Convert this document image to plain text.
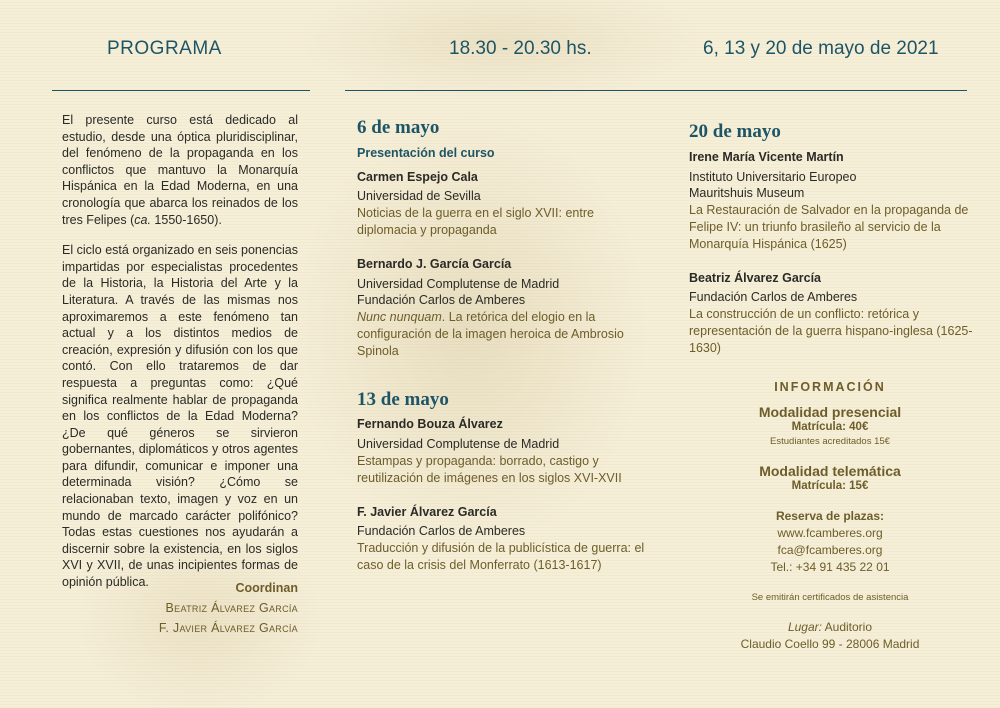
PROGRAMA	18.30 - 20.30 hs.	6, 13 y 20 de mayo de 2021

El presente curso está dedicado al estudio, desde una óptica pluridisciplinar, del fenómeno de la propaganda en los conflictos que mantuvo la Monarquía Hispánica en la Edad Moderna, en una cronología que abarca los reinados de los tres Felipes (ca. 1550-1650).

El ciclo está organizado en seis ponencias impartidas por especialistas procedentes de la Historia, la Historia del Arte y la Literatura. A través de las mismas nos aproximaremos a este fenómeno tan actual y a los distintos medios de creación, expresión y difusión con los que contó. Con ello trataremos de dar respuesta a preguntas como: ¿Qué significa realmente hablar de propaganda en los conflictos de la Edad Moderna? ¿De qué géneros se sirvieron gobernantes, diplomáticos y otros agentes para difundir, comunicar e imponer una determinada visión? ¿Cómo se relacionaban texto, imagen y voz en un mundo de marcado carácter polifónico? Todas estas cuestiones nos ayudarán a discernir sobre la existencia, en los siglos XVI y XVII, de unas incipientes formas de opinión pública.	Coordinan
Beatriz Álvarez García
F. Javier Álvarez García
6 de mayo
Presentación del curso
Carmen Espejo Cala
Universidad de Sevilla
Noticias de la guerra en el siglo XVII: entre diplomacia y propaganda
Bernardo J. García García
Universidad Complutense de Madrid
Fundación Carlos de Amberes
Nunc nunquam. La retórica del elogio en la configuración de la imagen heroica de Ambrosio Spinola
13 de mayo
Fernando Bouza Álvarez
Universidad Complutense de Madrid
Estampas y propaganda: borrado, castigo y reutilización de imágenes en los siglos XVI-XVII
F. Javier Álvarez García
Fundación Carlos de Amberes
Traducción y difusión de la publicística de guerra: el caso de la crisis del Monferrato (1613-1617)
20 de mayo
Irene María Vicente Martín
Instituto Universitario Europeo
Mauritshuis Museum
La Restauración de Salvador en la propaganda de Felipe IV: un triunfo brasileño al servicio de la Monarquía Hispánica (1625)
Beatriz Álvarez García
Fundación Carlos de Amberes
La construcción de un conflicto: retórica y representación de la guerra hispano-inglesa (1625-1630)
INFORMACIÓN
Modalidad presencial
Matrícula: 40€
Estudiantes acreditados 15€
Modalidad telemática
Matrícula: 15€
Reserva de plazas:
www.fcamberes.org
fca@fcamberes.org
Tel.: +34 91 435 22 01
Se emitirán certificados de asistencia
Lugar: Auditorio
Claudio Coello 99 - 28006 Madrid
